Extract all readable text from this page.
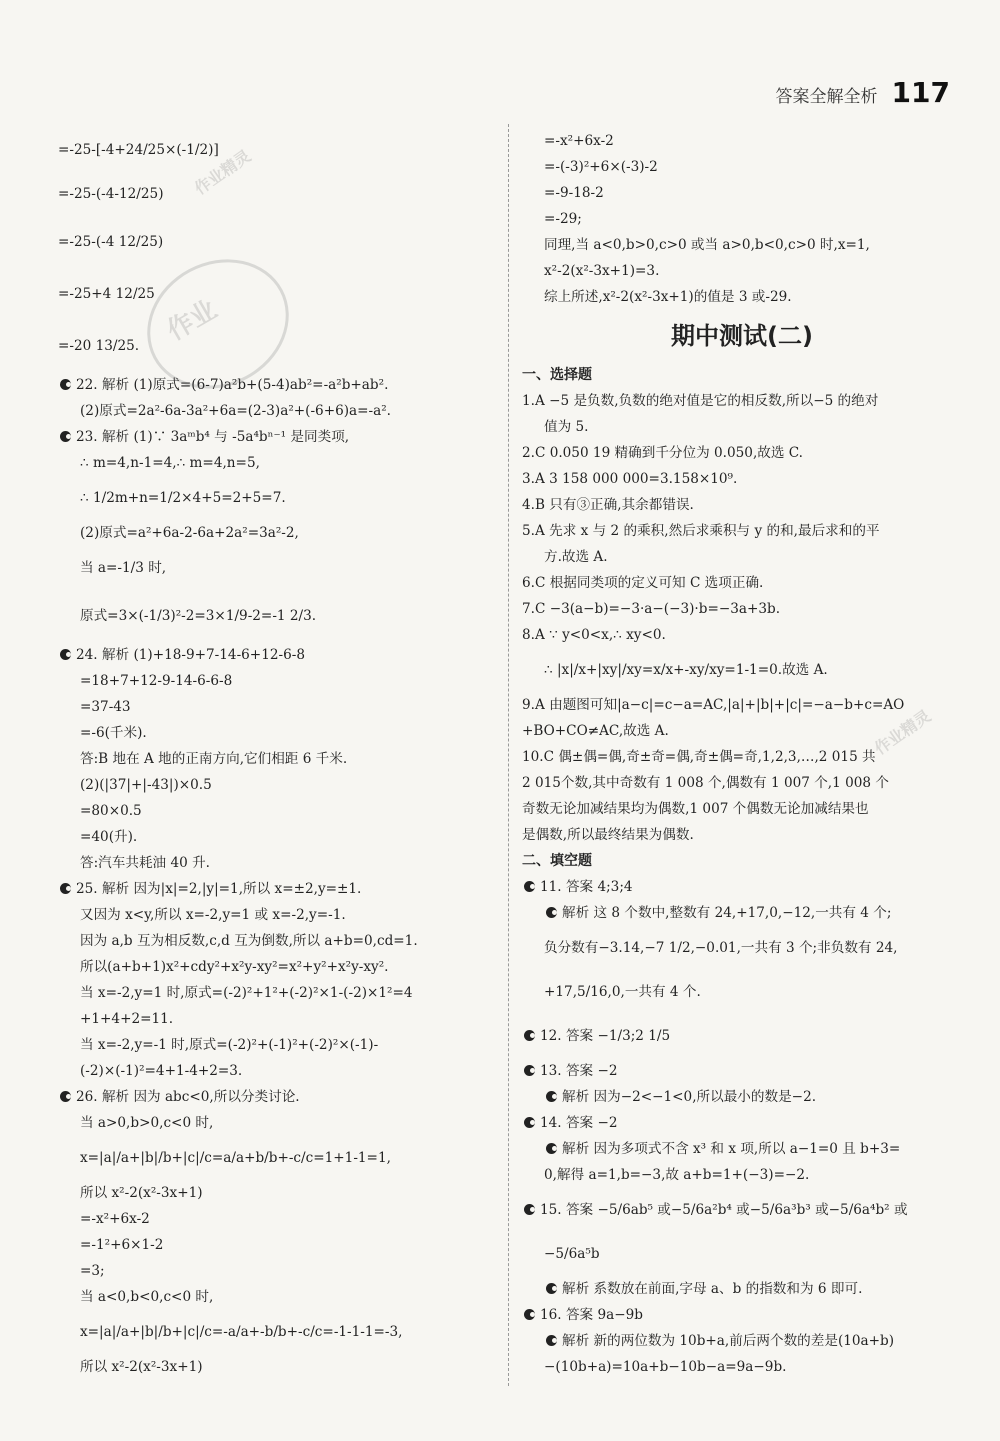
答案全解全析 117
=-25-[-4+24/25×(-1/2)]
=-25-(-4-12/25)
=-25-(-4 12/25)
=-25+4 12/25
=-20 13/25.
22. 解析 (1)原式=(6-7)a²b+(5-4)ab²=-a²b+ab².
(2)原式=2a²-6a-3a²+6a=(2-3)a²+(-6+6)a=-a².
23. 解析 (1)∵ 3aᵐb⁴ 与 -5a⁴bⁿ⁻¹ 是同类项,
∴ m=4,n-1=4,∴ m=4,n=5,
∴ 1/2m+n=1/2×4+5=2+5=7.
(2)原式=a²+6a-2-6a+2a²=3a²-2,
当 a=-1/3 时,
原式=3×(-1/3)²-2=3×1/9-2=-1 2/3.
24. 解析 (1)+18-9+7-14-6+12-6-8
=18+7+12-9-14-6-6-8
=37-43
=-6(千米).
答:B 地在 A 地的正南方向,它们相距 6 千米.
(2)(|37|+|-43|)×0.5
=80×0.5
=40(升).
答:汽车共耗油 40 升.
25. 解析 因为|x|=2,|y|=1,所以 x=±2,y=±1.
又因为 x<y,所以 x=-2,y=1 或 x=-2,y=-1.
因为 a,b 互为相反数,c,d 互为倒数,所以 a+b=0,cd=1.
所以(a+b+1)x²+cdy²+x²y-xy²=x²+y²+x²y-xy².
当 x=-2,y=1 时,原式=(-2)²+1²+(-2)²×1-(-2)×1²=4
+1+4+2=11.
当 x=-2,y=-1 时,原式=(-2)²+(-1)²+(-2)²×(-1)-
(-2)×(-1)²=4+1-4+2=3.
26. 解析 因为 abc<0,所以分类讨论.
当 a>0,b>0,c<0 时,
x=|a|/a+|b|/b+|c|/c=a/a+b/b+-c/c=1+1-1=1,
所以 x²-2(x²-3x+1)
=-x²+6x-2
=-1²+6×1-2
=3;
当 a<0,b<0,c<0 时,
x=|a|/a+|b|/b+|c|/c=-a/a+-b/b+-c/c=-1-1-1=-3,
所以 x²-2(x²-3x+1)
=-x²+6x-2
=-(-3)²+6×(-3)-2
=-9-18-2
=-29;
同理,当 a<0,b>0,c>0 或当 a>0,b<0,c>0 时,x=1,
x²-2(x²-3x+1)=3.
综上所述,x²-2(x²-3x+1)的值是 3 或-29.
期中测试(二)
一、选择题
1.A −5 是负数,负数的绝对值是它的相反数,所以−5 的绝对
值为 5.
2.C 0.050 19 精确到千分位为 0.050,故选 C.
3.A 3 158 000 000=3.158×10⁹.
4.B 只有③正确,其余都错误.
5.A 先求 x 与 2 的乘积,然后求乘积与 y 的和,最后求和的平
方.故选 A.
6.C 根据同类项的定义可知 C 选项正确.
7.C −3(a−b)=−3·a−(−3)·b=−3a+3b.
8.A ∵ y<0<x,∴ xy<0.
∴ |x|/x+|xy|/xy=x/x+-xy/xy=1-1=0.故选 A.
9.A 由题图可知|a−c|=c−a=AC,|a|+|b|+|c|=−a−b+c=AO
+BO+CO≠AC,故选 A.
10.C 偶±偶=偶,奇±奇=偶,奇±偶=奇,1,2,3,…,2 015 共
2 015个数,其中奇数有 1 008 个,偶数有 1 007 个,1 008 个
奇数无论加减结果均为偶数,1 007 个偶数无论加减结果也
是偶数,所以最终结果为偶数.
二、填空题
11. 答案 4;3;4
解析 这 8 个数中,整数有 24,+17,0,−12,一共有 4 个;
负分数有−3.14,−7 1/2,−0.01,一共有 3 个;非负数有 24,
+17,5/16,0,一共有 4 个.
12. 答案 −1/3;2 1/5
13. 答案 −2
解析 因为−2<−1<0,所以最小的数是−2.
14. 答案 −2
解析 因为多项式不含 x³ 和 x 项,所以 a−1=0 且 b+3=
0,解得 a=1,b=−3,故 a+b=1+(−3)=−2.
15. 答案 −5/6ab⁵ 或−5/6a²b⁴ 或−5/6a³b³ 或−5/6a⁴b² 或
−5/6a⁵b
解析 系数放在前面,字母 a、b 的指数和为 6 即可.
16. 答案 9a−9b
解析 新的两位数为 10b+a,前后两个数的差是(10a+b)
−(10b+a)=10a+b−10b−a=9a−9b.
作业精灵
作业
作业精灵
